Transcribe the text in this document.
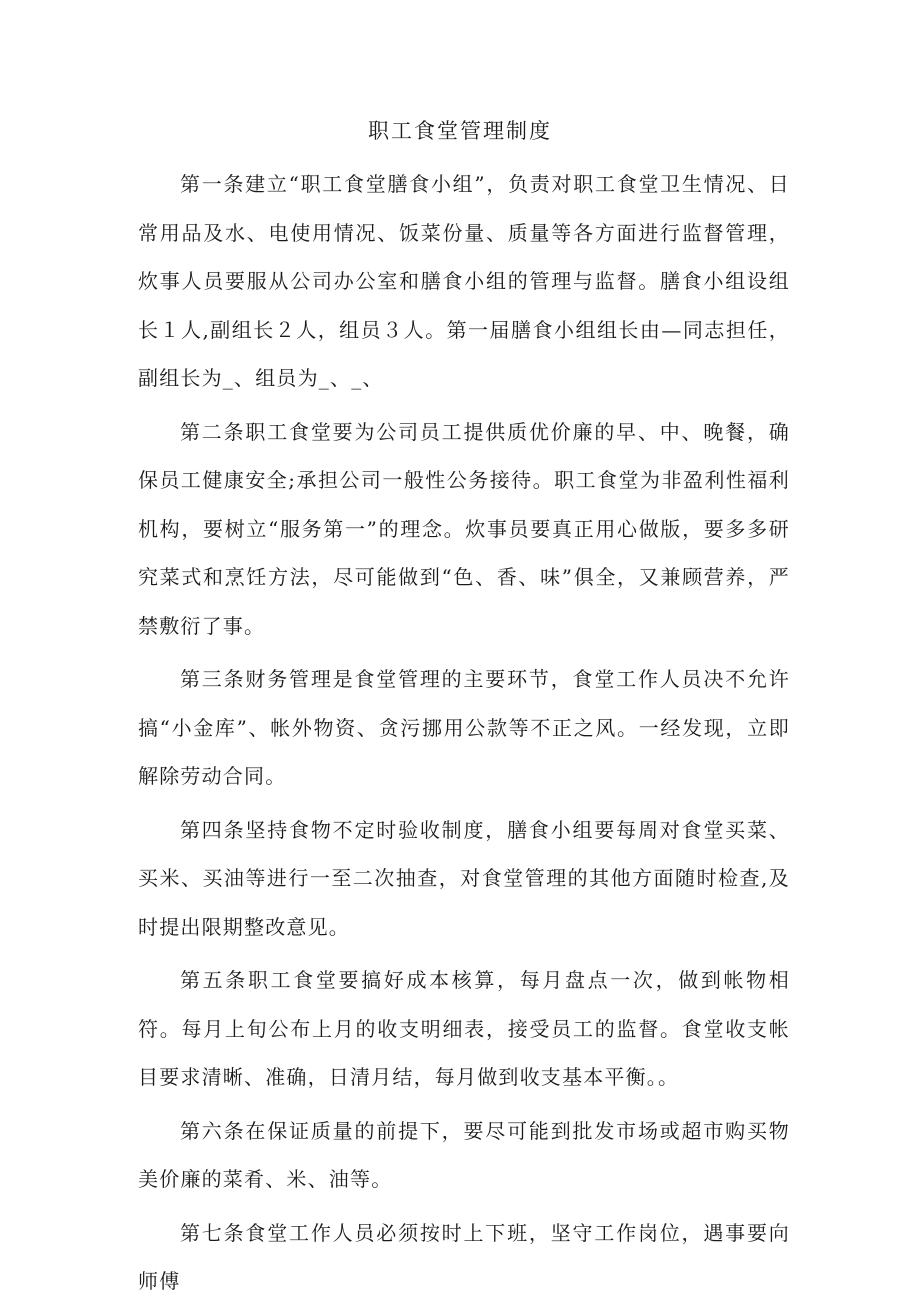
职工食堂管理制度

第一条建立“职工食堂膳食小组”，负责对职工食堂卫生情况、日常用品及水、电使用情况、饭菜份量、质量等各方面进行监督管理，炊事人员要服从公司办公室和膳食小组的管理与监督。膳食小组设组长１人,副组长２人，组员３人。第一届膳食小组组长由—同志担任，副组长为_、组员为_、_、

第二条职工食堂要为公司员工提供质优价廉的早、中、晚餐，确保员工健康安全;承担公司一般性公务接待。职工食堂为非盈利性福利机构，要树立“服务第一”的理念。炊事员要真正用心做版，要多多研究菜式和烹饪方法，尽可能做到“色、香、味”俱全，又兼顾营养，严禁敷衍了事。

第三条财务管理是食堂管理的主要环节，食堂工作人员决不允许搞“小金库”、帐外物资、贪污挪用公款等不正之风。一经发现，立即解除劳动合同。

第四条坚持食物不定时验收制度，膳食小组要每周对食堂买菜、买米、买油等进行一至二次抽查，对食堂管理的其他方面随时检查,及时提出限期整改意见。

第五条职工食堂要搞好成本核算，每月盘点一次，做到帐物相符。每月上旬公布上月的收支明细表，接受员工的监督。食堂收支帐目要求清晰、准确，日清月结，每月做到收支基本平衡。。

第六条在保证质量的前提下，要尽可能到批发市场或超市购买物美价廉的菜肴、米、油等。

第七条食堂工作人员必须按时上下班，坚守工作岗位，遇事要向师傅
